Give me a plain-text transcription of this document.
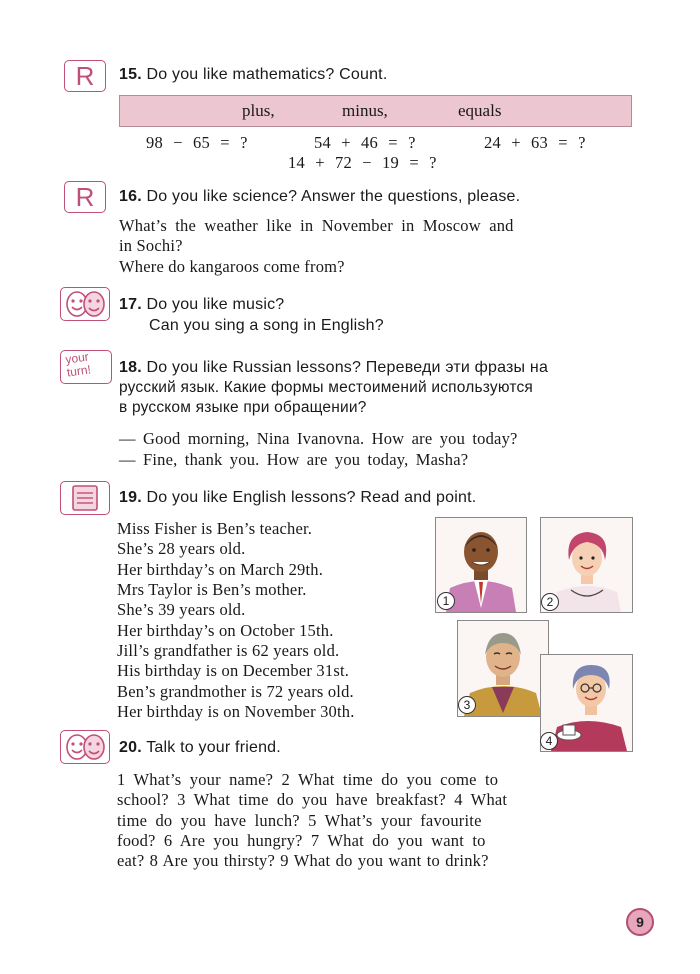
R	15. Do you like mathematics? Count.
plus,	minus,	equals
98 − 65 = ?	54 + 46 = ?	24 + 63 = ?
14 + 72 − 19 = ?
R	16. Do you like science? Answer the questions, please.
What’s the weather like in November in Moscow and
in Sochi?
Where do kangaroos come from?
17. Do you like music?
Can you sing a song in English?
your
turn! 18. Do you like Russian lessons? Переведи эти фразы на
русский язык. Какие формы местоимений используются
в русском языке при обращении?
— Good morning, Nina Ivanovna. How are you today?
— Fine, thank you. How are you today, Masha?
19. Do you like English lessons? Read and point.
Miss Fisher is Ben’s teacher.
She’s 28 years old.
Her birthday’s on March 29th.
Mrs Taylor is Ben’s mother.
She’s 39 years old.
Her birthday’s on October 15th.
Jill’s grandfather is 62 years old.
His birthday is on December 31st.
Ben’s grandmother is 72 years old.
Her birthday is on November 30th.
1	2
3
4
20. Talk to your friend.
1 What’s your name? 2 What time do you come to
school? 3 What time do you have breakfast? 4 What
time do you have lunch? 5 What’s your favourite
food? 6 Are you hungry? 7 What do you want to
eat? 8 Are you thirsty? 9 What do you want to drink?
9
